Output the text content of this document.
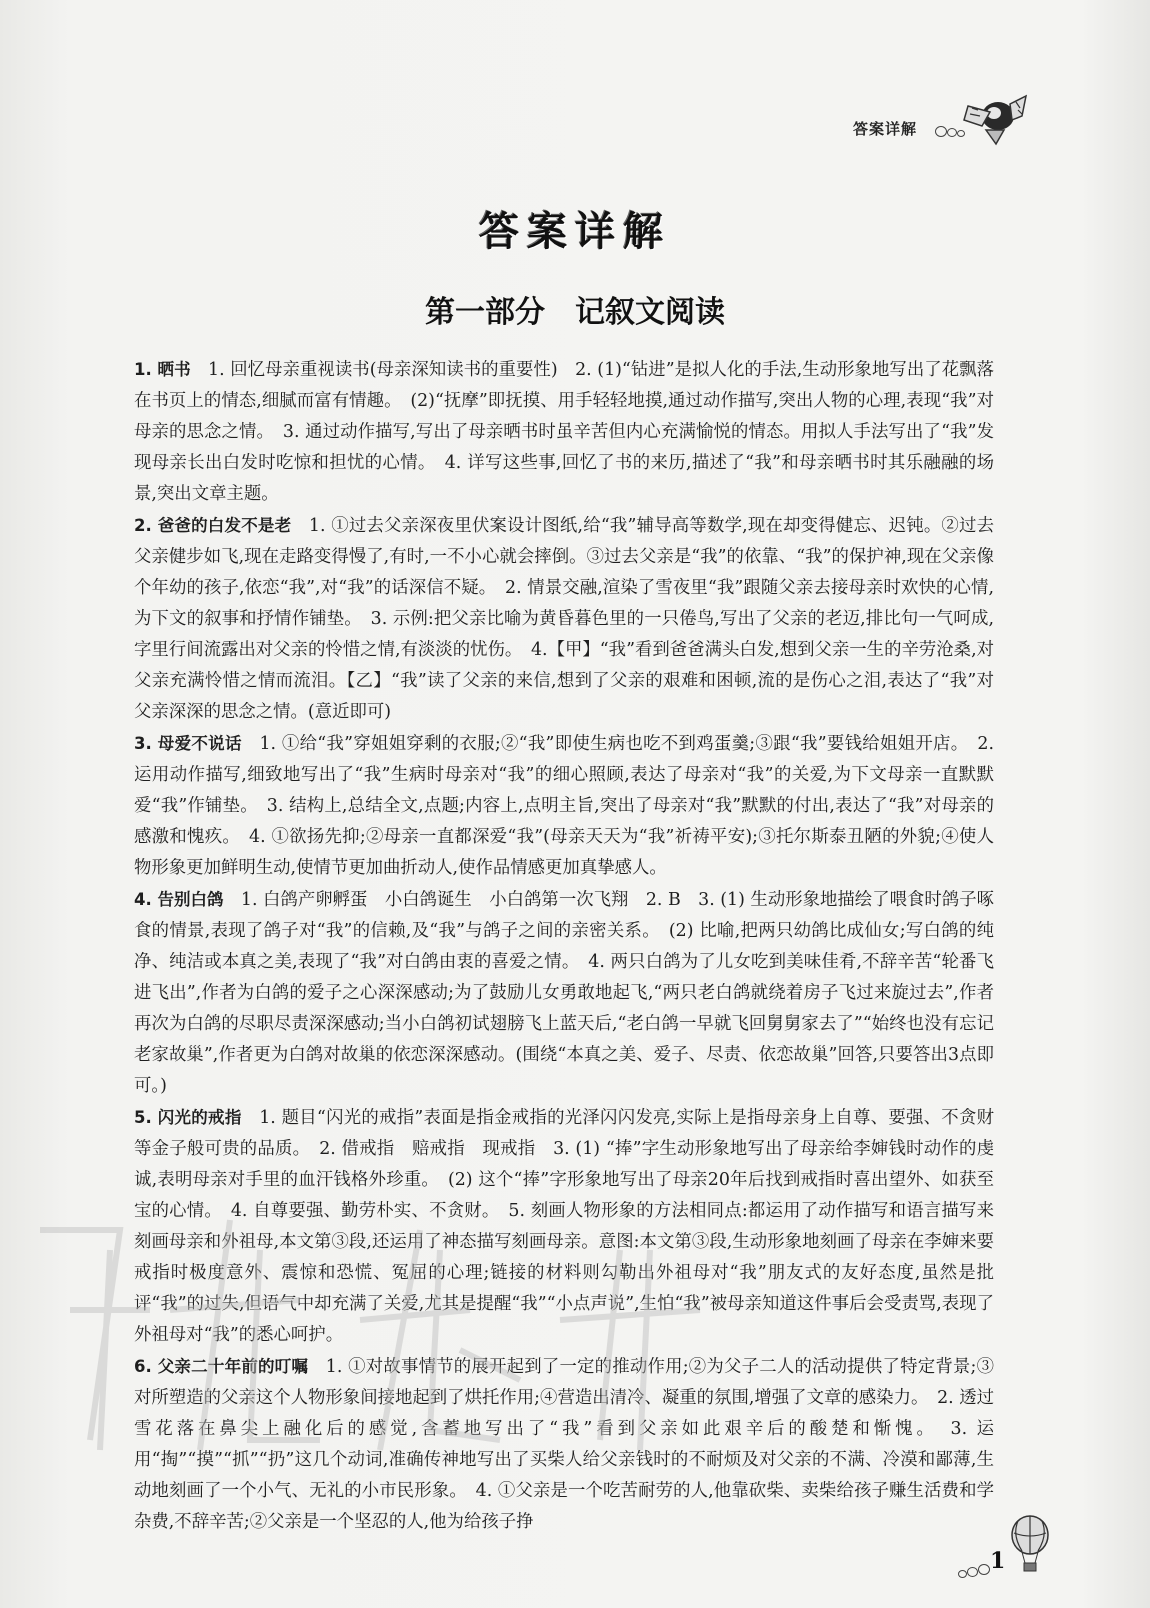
答案详解
答案详解
第一部分　记叙文阅读

1. 晒书　1. 回忆母亲重视读书(母亲深知读书的重要性)　2. (1)“钻进”是拟人化的手法,生动形象地写出了花飘落在书页上的情态,细腻而富有情趣。　(2)“抚摩”即抚摸、用手轻轻地摸,通过动作描写,突出人物的心理,表现“我”对母亲的思念之情。　3. 通过动作描写,写出了母亲晒书时虽辛苦但内心充满愉悦的情态。用拟人手法写出了“我”发现母亲长出白发时吃惊和担忧的心情。　4. 详写这些事,回忆了书的来历,描述了“我”和母亲晒书时其乐融融的场景,突出文章主题。

2. 爸爸的白发不是老　1. ①过去父亲深夜里伏案设计图纸,给“我”辅导高等数学,现在却变得健忘、迟钝。②过去父亲健步如飞,现在走路变得慢了,有时,一不小心就会摔倒。③过去父亲是“我”的依靠、“我”的保护神,现在父亲像个年幼的孩子,依恋“我”,对“我”的话深信不疑。　2. 情景交融,渲染了雪夜里“我”跟随父亲去接母亲时欢快的心情,为下文的叙事和抒情作铺垫。　3. 示例:把父亲比喻为黄昏暮色里的一只倦鸟,写出了父亲的老迈,排比句一气呵成,字里行间流露出对父亲的怜惜之情,有淡淡的忧伤。　4.【甲】“我”看到爸爸满头白发,想到父亲一生的辛劳沧桑,对父亲充满怜惜之情而流泪。【乙】“我”读了父亲的来信,想到了父亲的艰难和困顿,流的是伤心之泪,表达了“我”对父亲深深的思念之情。(意近即可)

3. 母爱不说话　1. ①给“我”穿姐姐穿剩的衣服;②“我”即使生病也吃不到鸡蛋羹;③跟“我”要钱给姐姐开店。　2. 运用动作描写,细致地写出了“我”生病时母亲对“我”的细心照顾,表达了母亲对“我”的关爱,为下文母亲一直默默爱“我”作铺垫。　3. 结构上,总结全文,点题;内容上,点明主旨,突出了母亲对“我”默默的付出,表达了“我”对母亲的感激和愧疚。　4. ①欲扬先抑;②母亲一直都深爱“我”(母亲天天为“我”祈祷平安);③托尔斯泰丑陋的外貌;④使人物形象更加鲜明生动,使情节更加曲折动人,使作品情感更加真挚感人。

4. 告别白鸽　1. 白鸽产卵孵蛋　小白鸽诞生　小白鸽第一次飞翔　2. B　3. (1) 生动形象地描绘了喂食时鸽子啄食的情景,表现了鸽子对“我”的信赖,及“我”与鸽子之间的亲密关系。　(2) 比喻,把两只幼鸽比成仙女;写白鸽的纯净、纯洁或本真之美,表现了“我”对白鸽由衷的喜爱之情。　4. 两只白鸽为了儿女吃到美味佳肴,不辞辛苦“轮番飞进飞出”,作者为白鸽的爱子之心深深感动;为了鼓励儿女勇敢地起飞,“两只老白鸽就绕着房子飞过来旋过去”,作者再次为白鸽的尽职尽责深深感动;当小白鸽初试翅膀飞上蓝天后,“老白鸽一早就飞回舅舅家去了”“始终也没有忘记老家故巢”,作者更为白鸽对故巢的依恋深深感动。(围绕“本真之美、爱子、尽责、依恋故巢”回答,只要答出3点即可。)

5. 闪光的戒指　1. 题目“闪光的戒指”表面是指金戒指的光泽闪闪发亮,实际上是指母亲身上自尊、要强、不贪财等金子般可贵的品质。　2. 借戒指　赔戒指　现戒指　3. (1) “捧”字生动形象地写出了母亲给李婶钱时动作的虔诚,表明母亲对手里的血汗钱格外珍重。　(2) 这个“捧”字形象地写出了母亲20年后找到戒指时喜出望外、如获至宝的心情。　4. 自尊要强、勤劳朴实、不贪财。　5. 刻画人物形象的方法相同点:都运用了动作描写和语言描写来刻画母亲和外祖母,本文第③段,还运用了神态描写刻画母亲。意图:本文第③段,生动形象地刻画了母亲在李婶来要戒指时极度意外、震惊和恐慌、冤屈的心理;链接的材料则勾勒出外祖母对“我”朋友式的友好态度,虽然是批评“我”的过失,但语气中却充满了关爱,尤其是提醒“我”“小点声说”,生怕“我”被母亲知道这件事后会受责骂,表现了外祖母对“我”的悉心呵护。

6. 父亲二十年前的叮嘱　1. ①对故事情节的展开起到了一定的推动作用;②为父子二人的活动提供了特定背景;③对所塑造的父亲这个人物形象间接地起到了烘托作用;④营造出清冷、凝重的氛围,增强了文章的感染力。　2. 透过雪花落在鼻尖上融化后的感觉,含蓄地写出了“我”看到父亲如此艰辛后的酸楚和惭愧。　3. 运用“掏”“摸”“抓”“扔”这几个动词,准确传神地写出了买柴人给父亲钱时的不耐烦及对父亲的不满、冷漠和鄙薄,生动地刻画了一个小气、无礼的小市民形象。　4. ①父亲是一个吃苦耐劳的人,他靠砍柴、卖柴给孩子赚生活费和学杂费,不辞辛苦;②父亲是一个坚忍的人,他为给孩子挣

1
